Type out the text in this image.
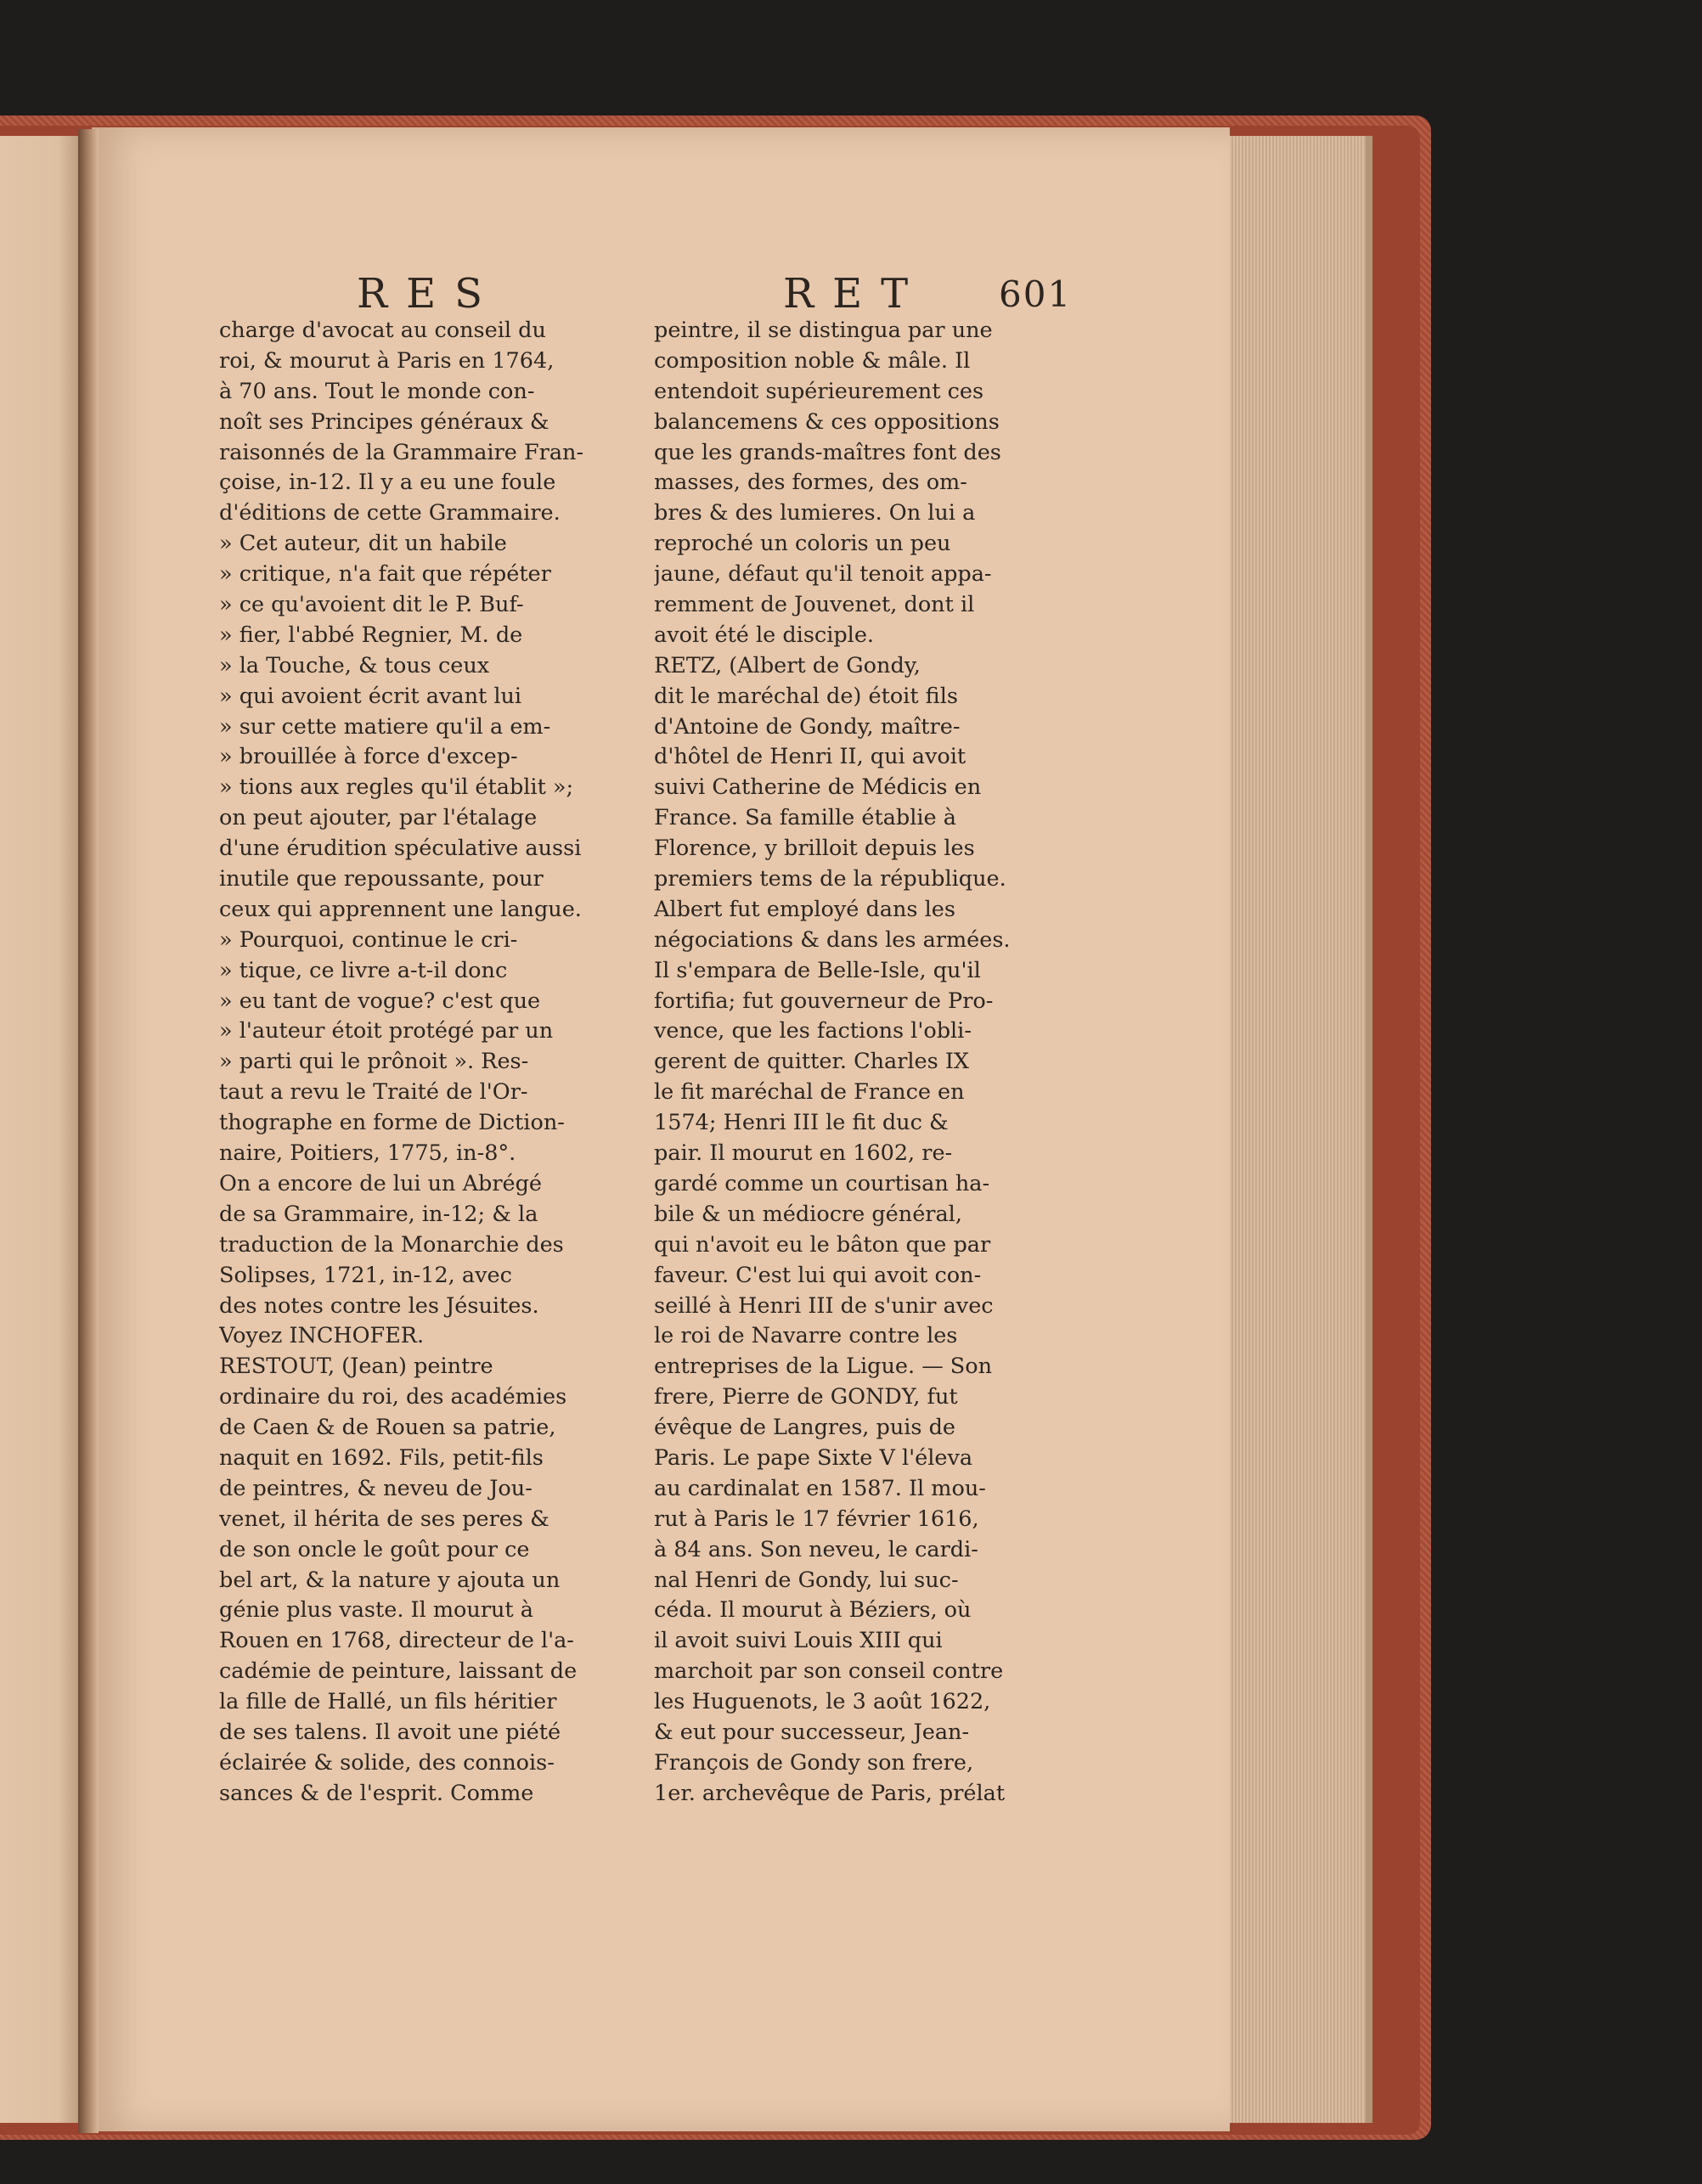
RES	RET 601
charge d'avocat au conseil du
roi, & mourut à Paris en 1764,
à 70 ans. Tout le monde con-
noît ses Principes généraux &
raisonnés de la Grammaire Fran-
çoise, in-12. Il y a eu une foule
d'éditions de cette Grammaire.
» Cet auteur, dit un habile
» critique, n'a fait que répéter
» ce qu'avoient dit le P. Buf-
» fier, l'abbé Regnier, M. de
» la Touche, & tous ceux
» qui avoient écrit avant lui
» sur cette matiere qu'il a em-
» brouillée à force d'excep-
» tions aux regles qu'il établit »;
on peut ajouter, par l'étalage
d'une érudition spéculative aussi
inutile que repoussante, pour
ceux qui apprennent une langue.
» Pourquoi, continue le cri-
» tique, ce livre a-t-il donc
» eu tant de vogue? c'est que
» l'auteur étoit protégé par un
» parti qui le prônoit ». Res-
taut a revu le Traité de l'Or-
thographe en forme de Diction-
naire, Poitiers, 1775, in-8°.
On a encore de lui un Abrégé
de sa Grammaire, in-12; & la
traduction de la Monarchie des
Solipses, 1721, in-12, avec
des notes contre les Jésuites.
Voyez INCHOFER.
RESTOUT, (Jean) peintre
ordinaire du roi, des académies
de Caen & de Rouen sa patrie,
naquit en 1692. Fils, petit-fils
de peintres, & neveu de Jou-
venet, il hérita de ses peres &
de son oncle le goût pour ce
bel art, & la nature y ajouta un
génie plus vaste. Il mourut à
Rouen en 1768, directeur de l'a-
cadémie de peinture, laissant de
la fille de Hallé, un fils héritier
de ses talens. Il avoit une piété
éclairée & solide, des connois-
sances & de l'esprit. Comme
peintre, il se distingua par une
composition noble & mâle. Il
entendoit supérieurement ces
balancemens & ces oppositions
que les grands-maîtres font des
masses, des formes, des om-
bres & des lumieres. On lui a
reproché un coloris un peu
jaune, défaut qu'il tenoit appa-
remment de Jouvenet, dont il
avoit été le disciple.
RETZ, (Albert de Gondy,
dit le maréchal de) étoit fils
d'Antoine de Gondy, maître-
d'hôtel de Henri II, qui avoit
suivi Catherine de Médicis en
France. Sa famille établie à
Florence, y brilloit depuis les
premiers tems de la république.
Albert fut employé dans les
négociations & dans les armées.
Il s'empara de Belle-Isle, qu'il
fortifia; fut gouverneur de Pro-
vence, que les factions l'obli-
gerent de quitter. Charles IX
le fit maréchal de France en
1574; Henri III le fit duc &
pair. Il mourut en 1602, re-
gardé comme un courtisan ha-
bile & un médiocre général,
qui n'avoit eu le bâton que par
faveur. C'est lui qui avoit con-
seillé à Henri III de s'unir avec
le roi de Navarre contre les
entreprises de la Ligue. — Son
frere, Pierre de GONDY, fut
évêque de Langres, puis de
Paris. Le pape Sixte V l'éleva
au cardinalat en 1587. Il mou-
rut à Paris le 17 février 1616,
à 84 ans. Son neveu, le cardi-
nal Henri de Gondy, lui suc-
céda. Il mourut à Béziers, où
il avoit suivi Louis XIII qui
marchoit par son conseil contre
les Huguenots, le 3 août 1622,
& eut pour successeur, Jean-
François de Gondy son frere,
1er. archevêque de Paris, prélat
